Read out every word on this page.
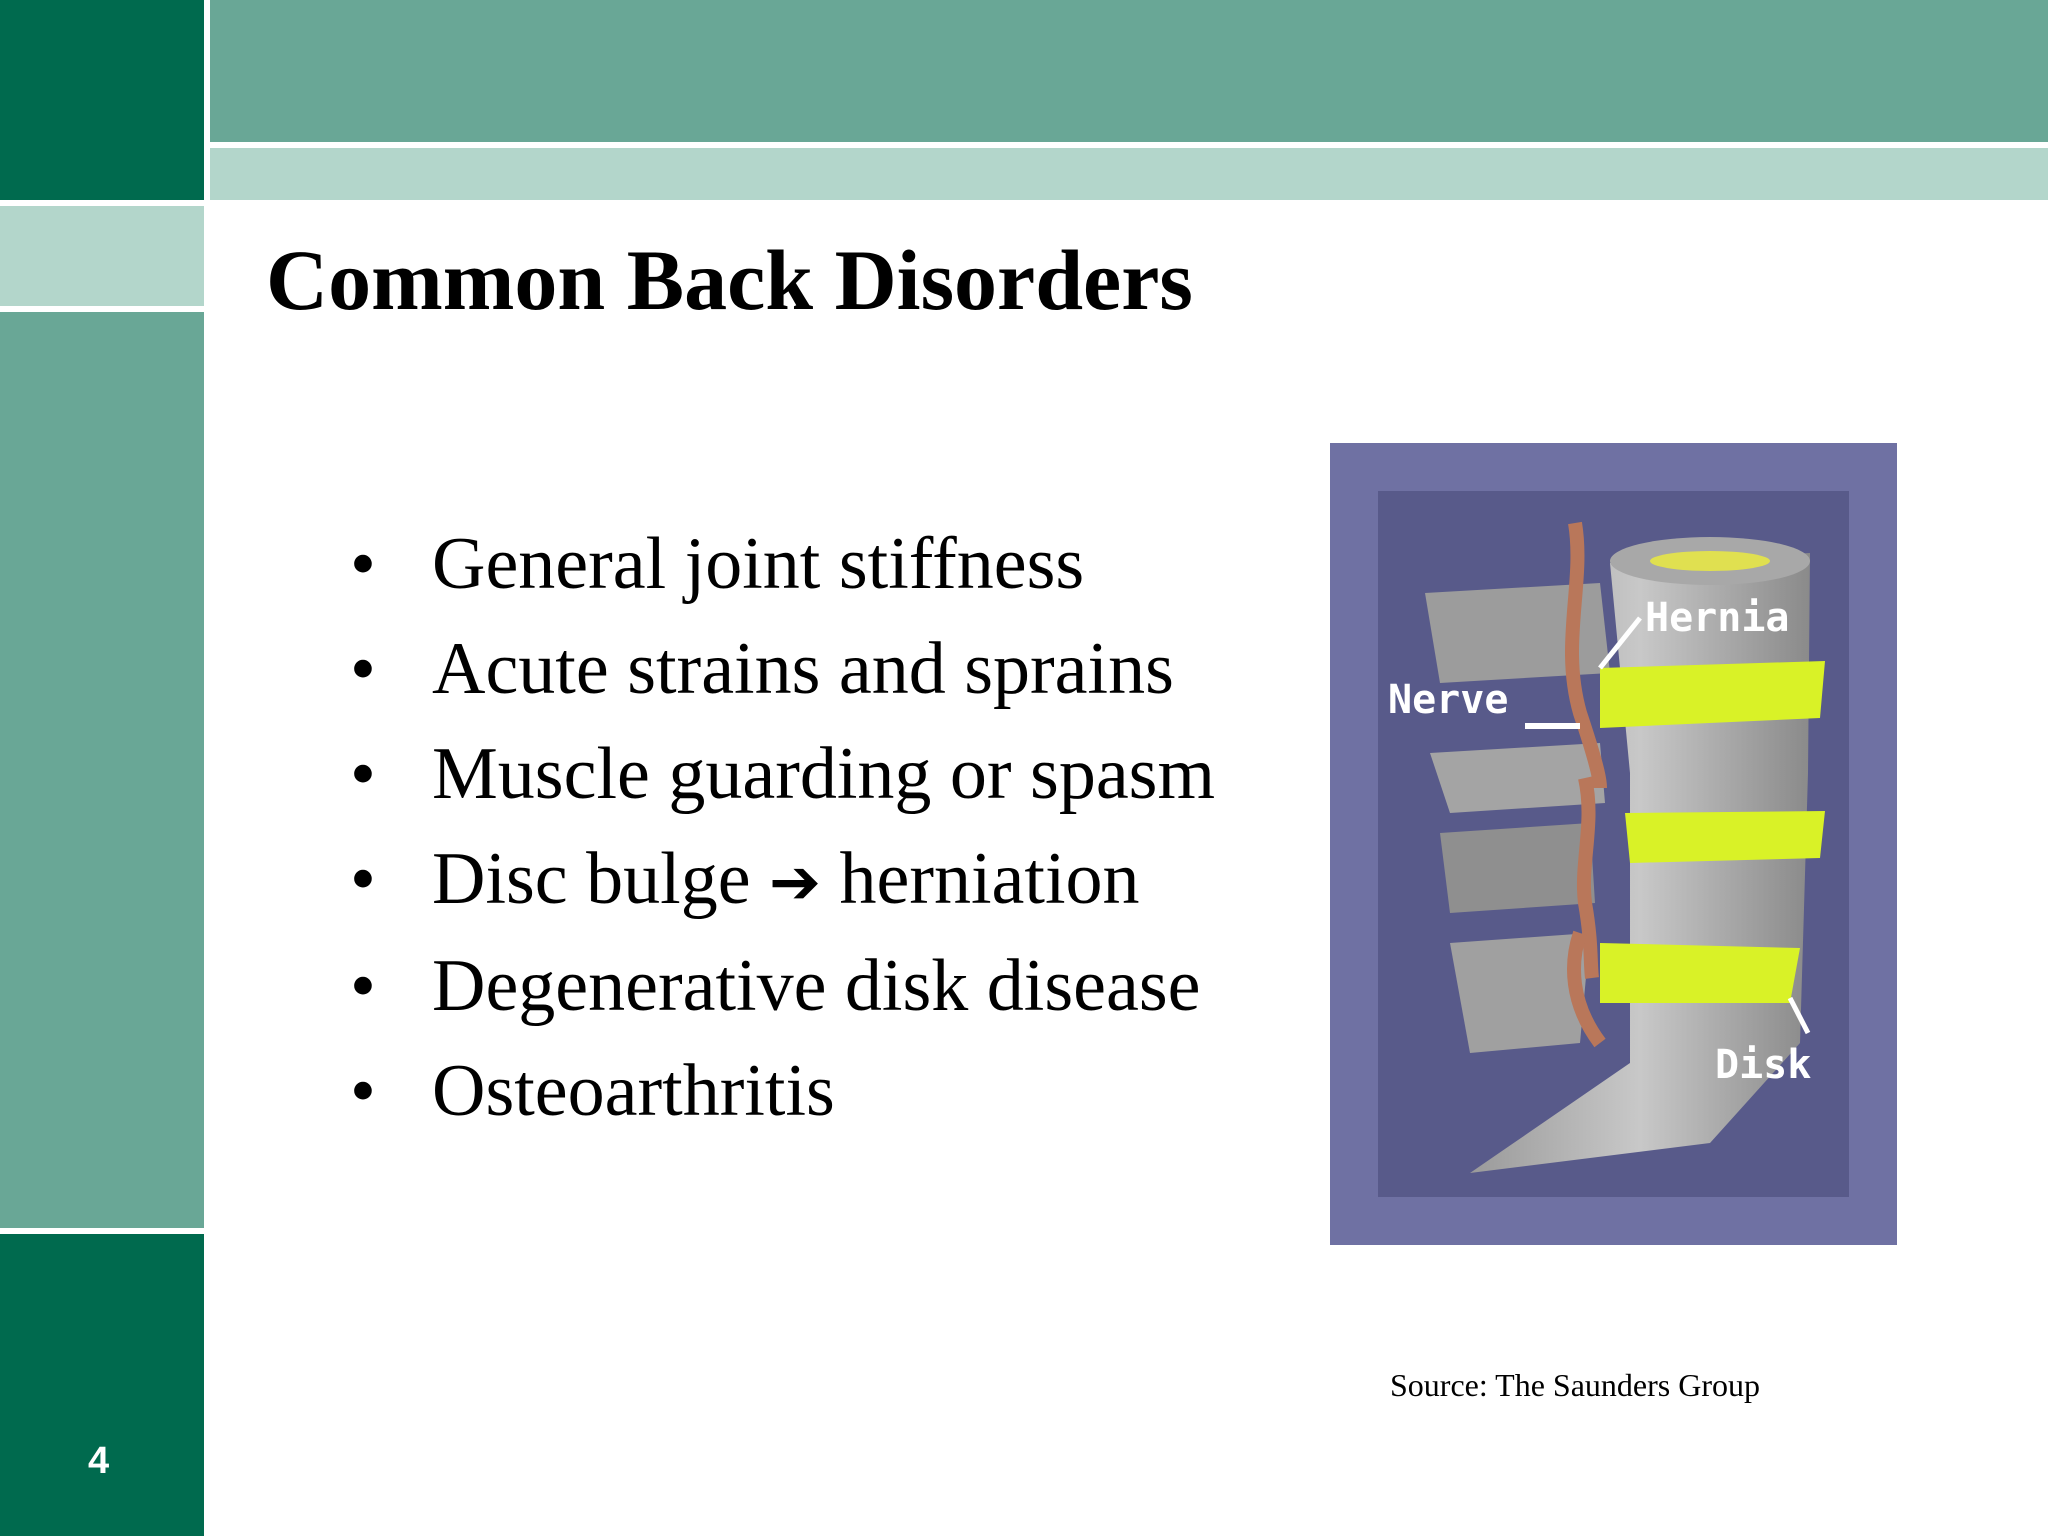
4
Common Back Disorders
• General joint stiffness
• Acute strains and sprains
• Muscle guarding or spasm
• Disc bulge ➔ herniation
• Degenerative disk disease
• Osteoarthritis
Hernia
Nerve
Disk
Source: The Saunders Group
